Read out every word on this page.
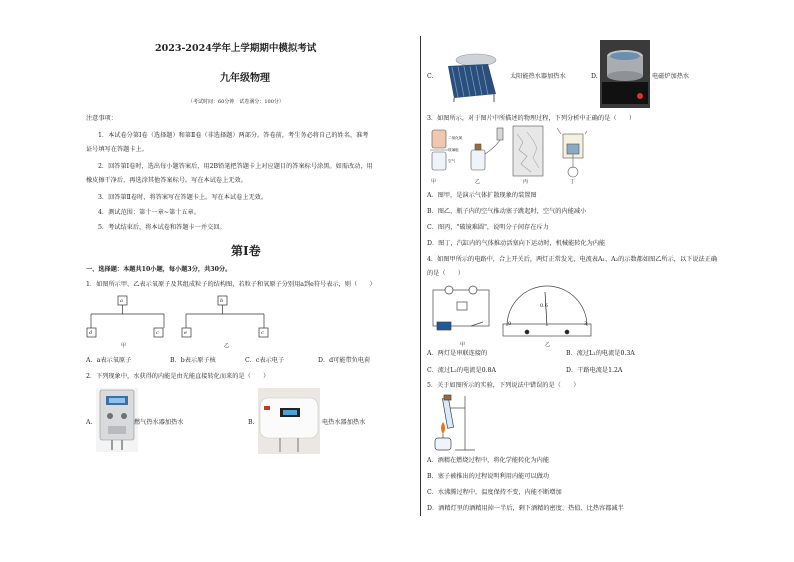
2023-2024学年上学期期中模拟考试
九年级物理
（考试时间：60分钟　试卷满分：100分）
注意事项：
1．本试卷分第Ⅰ卷（选择题）和第Ⅱ卷（非选择题）两部分。答卷前，考生务必将自己的姓名、准考
证号填写在答题卡上。
2．回答第Ⅰ卷时，选出每小题答案后，用2B铅笔把答题卡上对应题目的答案标号涂黑。如需改动，用
橡皮擦干净后，再选涂其他答案标号。写在本试卷上无效。
3．回答第Ⅱ卷时，将答案写在答题卡上。写在本试卷上无效。
4．测试范围：第十一章~第十五章。
5．考试结束后，将本试卷和答题卡一并交回。
第Ⅰ卷
一、选择题：本题共10小题，每小题3分，共30分。
1．如图所示甲、乙表示氧原子及其组成粒子的结构图，若粒子和氧原子分别用a到e符号表示，则（　　）
a
d	c
甲
b
e	c
乙
A．a表示氧原子	B．b表示原子核	C．c表示电子	D．d可能带负电荷
2．下列现象中，水获得的内能是由光能直接转化而来的是（　　）
A.	燃气热水器加热水	B.	电热水器加热水
C.	太阳能热水器加热水	D.	电磁炉加热水
3．如图所示，对于图片中所描述的物理过程，下列分析中正确的是（　　）
二氧化氮
玻璃板
空气
甲	乙	丙	丁
A．图甲，是演示气体扩散现象的装置图
B．图乙，瓶子内的空气推动塞子跳起时，空气的内能减小
C．图丙，"破镜难圆"，说明分子间存在斥力
D．图丁，汽缸内的气体推动活塞向下运动时，机械能转化为内能
4．如图甲所示的电路中，合上开关后，两灯正常发光，电流表A₁、A₂的示数都如图乙所示，以下说法正确
的是（　　）
0
0.6
3
甲	乙
A．两灯是串联连接的	B．流过L₁的电流是0.3A
C．流过L₂的电流是0.8A	D．干路电流是1.2A
5．关于如图所示的实验，下列说法中错误的是（　　）
A．酒精在燃烧过程中，将化学能转化为内能
B．塞子被推出的过程说明利用内能可以做功
C．水沸腾过程中，温度保持不变，内能不断增加
D．酒精灯里的酒精用掉一半后，剩下酒精的密度、热值、比热容都减半
